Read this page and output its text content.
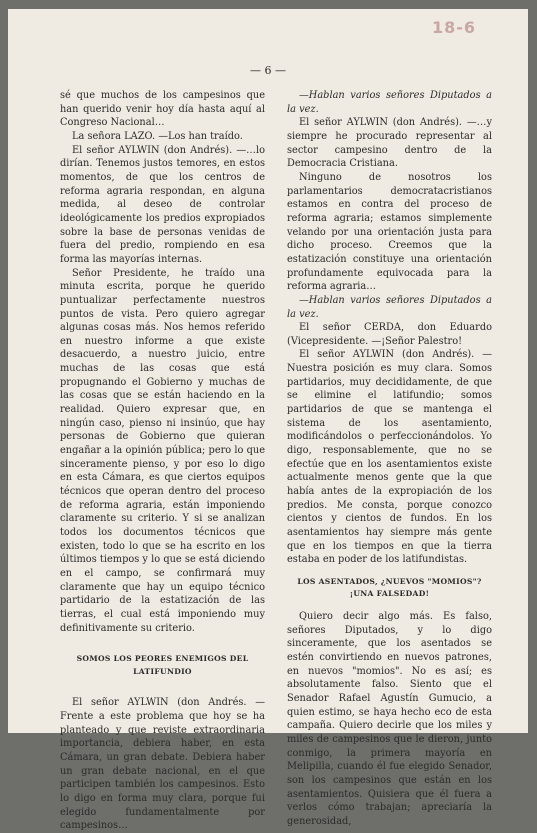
18-6
— 6 —

sé que muchos de los campesinos que han querido venir hoy día hasta aquí al Congreso Nacional…

La señora LAZO. —Los han traído.

El señor AYLWIN (don Andrés). —…lo dirían. Tenemos justos temores, en estos momentos, de que los centros de reforma agraria respondan, en alguna medida, al deseo de controlar ideológicamente los predios expropiados sobre la base de personas venidas de fuera del predio, rompiendo en esa forma las mayorías internas.

Señor Presidente, he traído una minuta escrita, porque he querido puntualizar perfectamente nuestros puntos de vista. Pero quiero agregar algunas cosas más. Nos hemos referido en nuestro informe a que existe desacuerdo, a nuestro juicio, entre muchas de las cosas que está propugnando el Gobierno y muchas de las cosas que se están haciendo en la realidad. Quiero expresar que, en ningún caso, pienso ni insinúo, que hay personas de Gobierno que quieran engañar a la opinión pública; pero lo que sinceramente pienso, y por eso lo digo en esta Cámara, es que ciertos equipos técnicos que operan dentro del proceso de reforma agraria, están imponiendo claramente su criterio. Y si se analizan todos los documentos técnicos que existen, todo lo que se ha escrito en los últimos tiempos y lo que se está diciendo en el campo, se confirmará muy claramente que hay un equipo técnico partidario de la estatización de las tierras, el cual está imponiendo muy definitivamente su criterio.

SOMOS LOS PEORES ENEMIGOS DEL LATIFUNDIO

El señor AYLWIN (don Andrés. —Frente a este problema que hoy se ha planteado y que reviste extraordinaria importancia, debiera haber, en esta Cámara, un gran debate. Debiera haber un gran debate nacional, en el que participen también los campesinos. Esto lo digo en forma muy clara, porque fui elegido fundamentalmente por campesinos…

—Hablan varios señores Diputados a la vez.

El señor AYLWIN (don Andrés). —…y siempre he procurado representar al sector campesino dentro de la Democracia Cristiana.

Ninguno de nosotros los parlamentarios democratacristianos estamos en contra del proceso de reforma agraria; estamos simplemente velando por una orientación justa para dicho proceso. Creemos que la estatización constituye una orientación profundamente equivocada para la reforma agraria…

—Hablan varios señores Diputados a la vez.

El señor CERDA, don Eduardo (Vicepresidente. —¡Señor Palestro!

El señor AYLWIN (don Andrés). —Nuestra posición es muy clara. Somos partidarios, muy decididamente, de que se elimine el latifundio; somos partidarios de que se mantenga el sistema de los asentamiento, modificándolos o perfeccionándolos. Yo digo, responsablemente, que no se efectúe que en los asentamientos existe actualmente menos gente que la que había antes de la expropiación de los predios. Me consta, porque conozco cientos y cientos de fundos. En los asentamientos hay siempre más gente que en los tiempos en que la tierra estaba en poder de los latifundistas.

LOS ASENTADOS, ¿NUEVOS "MOMIOS"? ¡UNA FALSEDAD!

Quiero decir algo más. Es falso, señores Diputados, y lo digo sinceramente, que los asentados se estén convirtiendo en nuevos patrones, en nuevos "momios". No es así; es absolutamente falso. Siento que el Senador Rafael Agustín Gumucio, a quien estimo, se haya hecho eco de esta campaña. Quiero decirle que los miles y miles de campesinos que le dieron, junto conmigo, la primera mayoría en Melipilla, cuando él fue elegido Senador, son los campesinos que están en los asentamientos. Quisiera que él fuera a verlos cómo trabajan; apreciaría la generosidad,
